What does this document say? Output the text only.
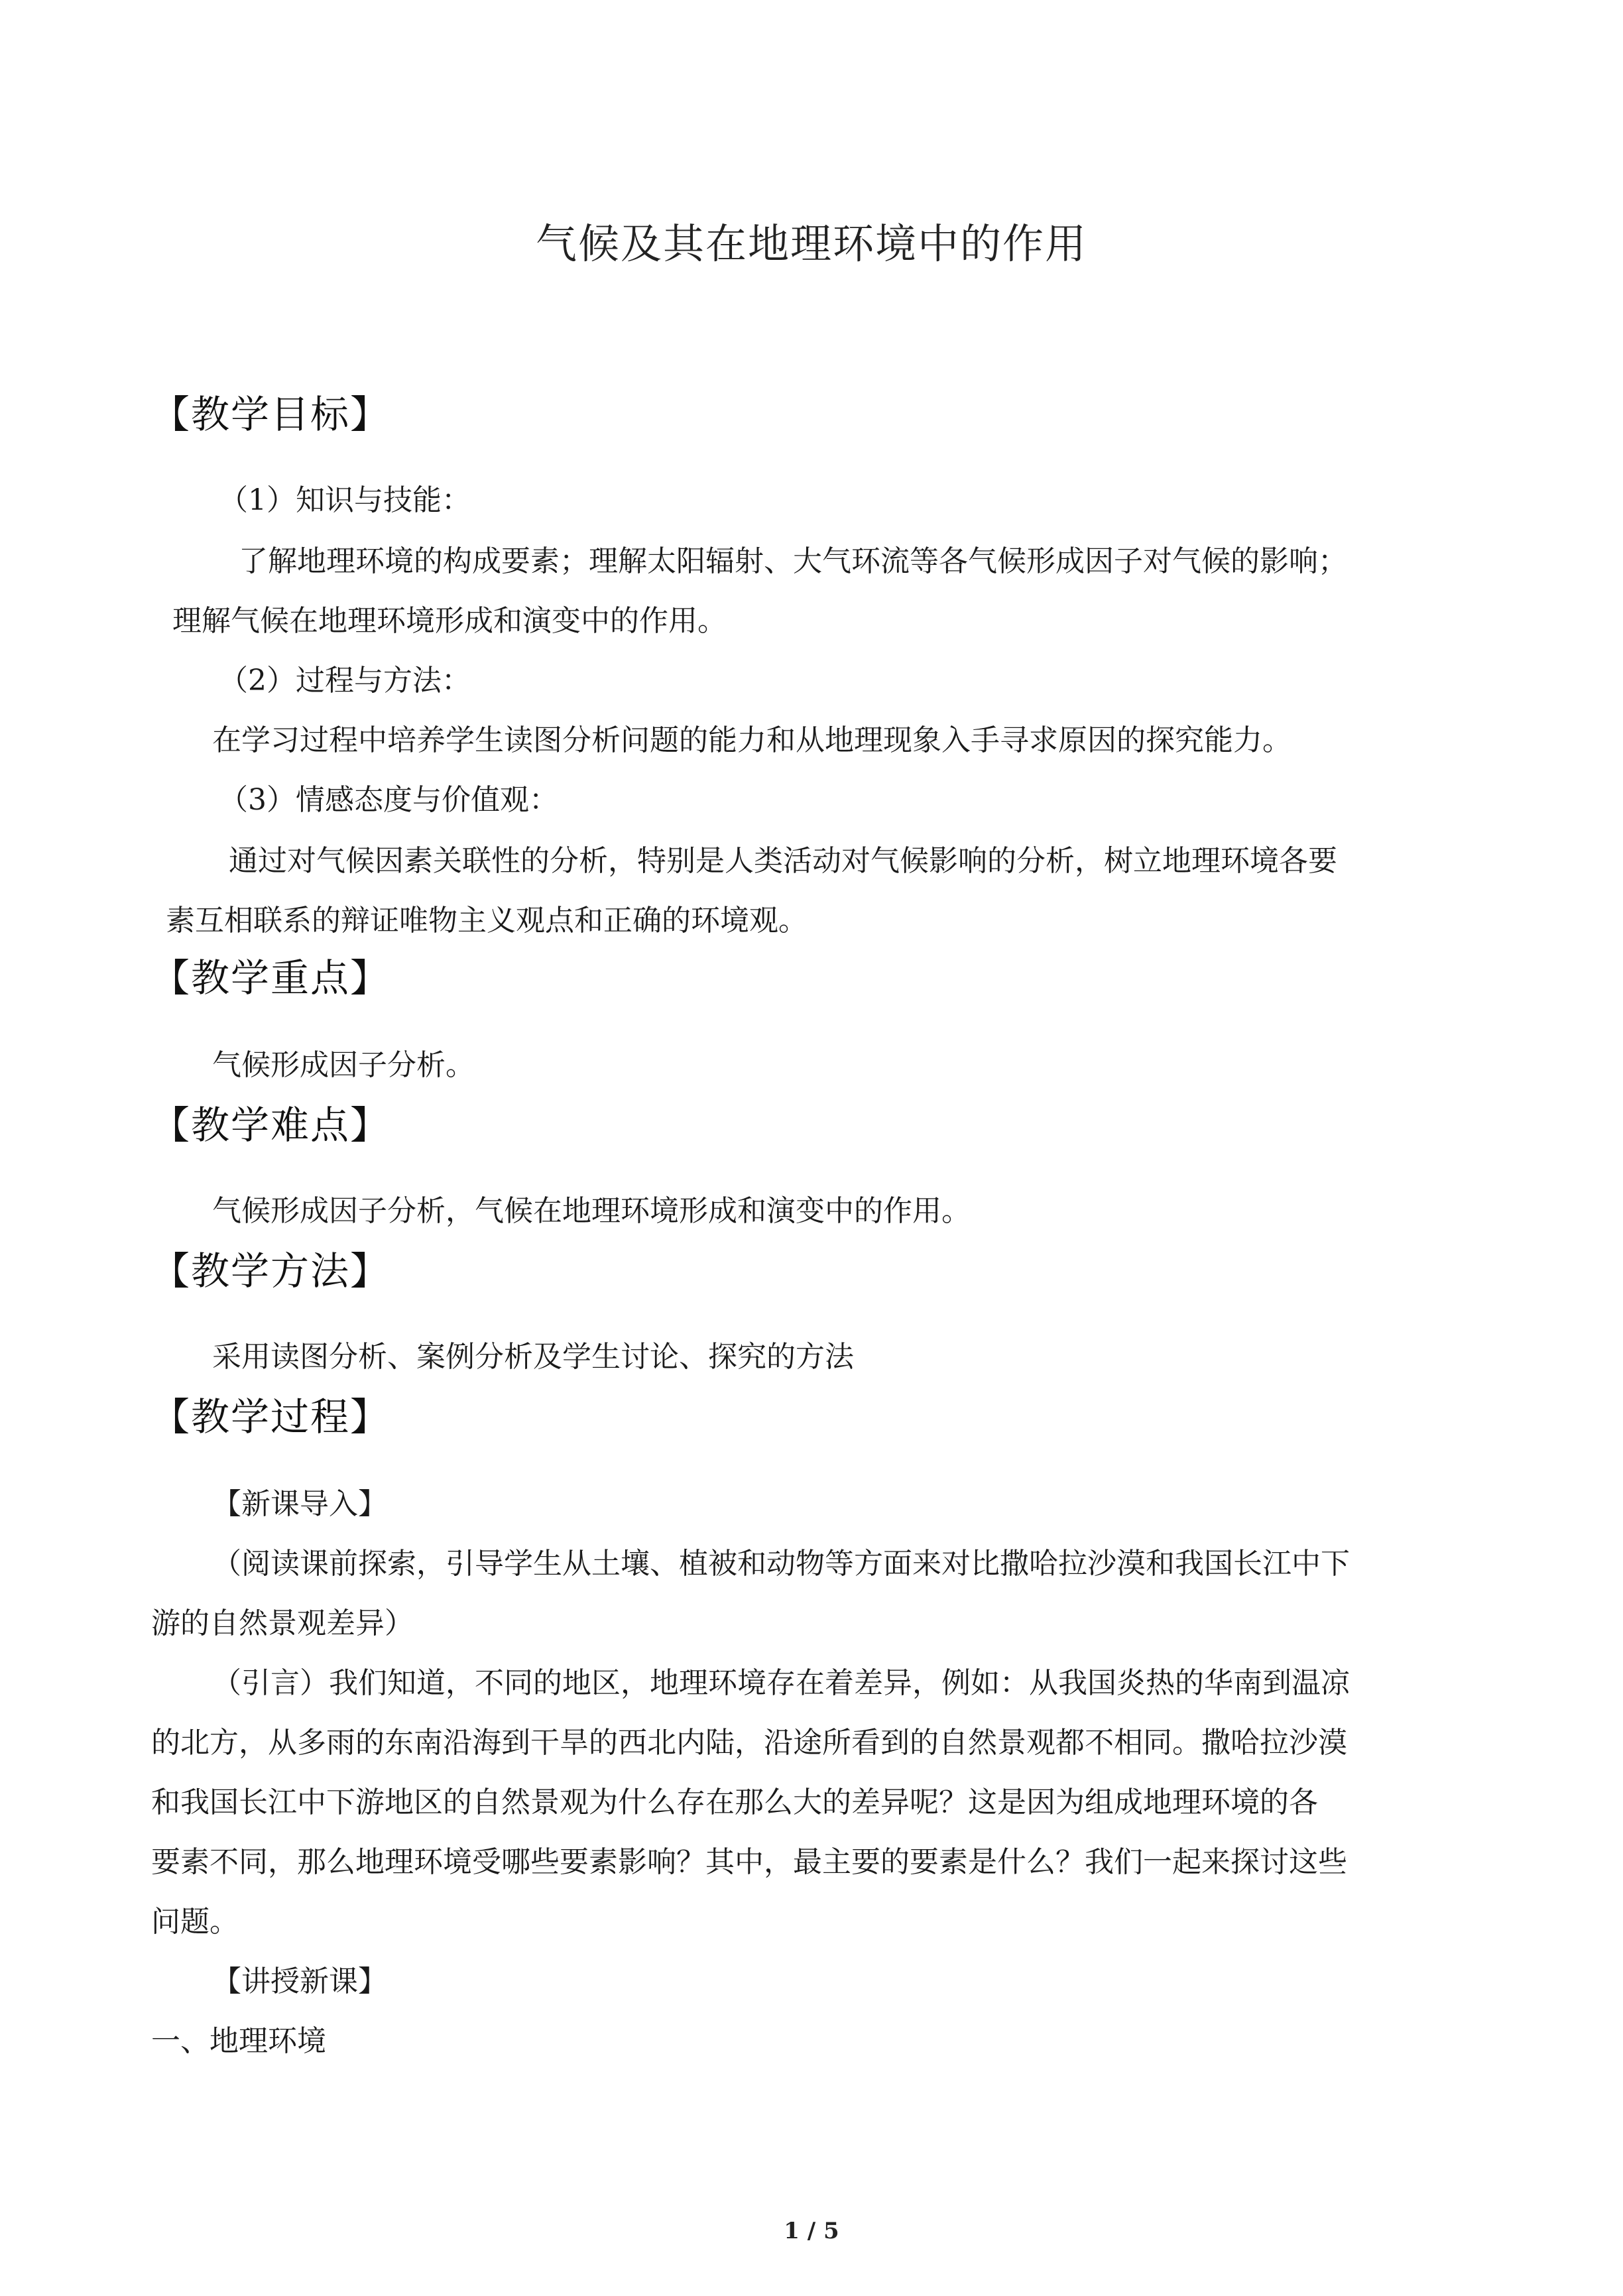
气候及其在地理环境中的作用
【教学目标】
（1）知识与技能：
了解地理环境的构成要素；理解太阳辐射、大气环流等各气候形成因子对气候的影响；
理解气候在地理环境形成和演变中的作用。
（2）过程与方法：
在学习过程中培养学生读图分析问题的能力和从地理现象入手寻求原因的探究能力。
（3）情感态度与价值观：
通过对气候因素关联性的分析，特别是人类活动对气候影响的分析，树立地理环境各要
素互相联系的辩证唯物主义观点和正确的环境观。
【教学重点】
气候形成因子分析。
【教学难点】
气候形成因子分析，气候在地理环境形成和演变中的作用。
【教学方法】
采用读图分析、案例分析及学生讨论、探究的方法
【教学过程】
【新课导入】
（阅读课前探索，引导学生从土壤、植被和动物等方面来对比撒哈拉沙漠和我国长江中下
游的自然景观差异）
（引言）我们知道，不同的地区，地理环境存在着差异，例如：从我国炎热的华南到温凉
的北方，从多雨的东南沿海到干旱的西北内陆，沿途所看到的自然景观都不相同。撒哈拉沙漠
和我国长江中下游地区的自然景观为什么存在那么大的差异呢？这是因为组成地理环境的各
要素不同，那么地理环境受哪些要素影响？其中，最主要的要素是什么？我们一起来探讨这些
问题。
【讲授新课】
一、地理环境
1 / 5
